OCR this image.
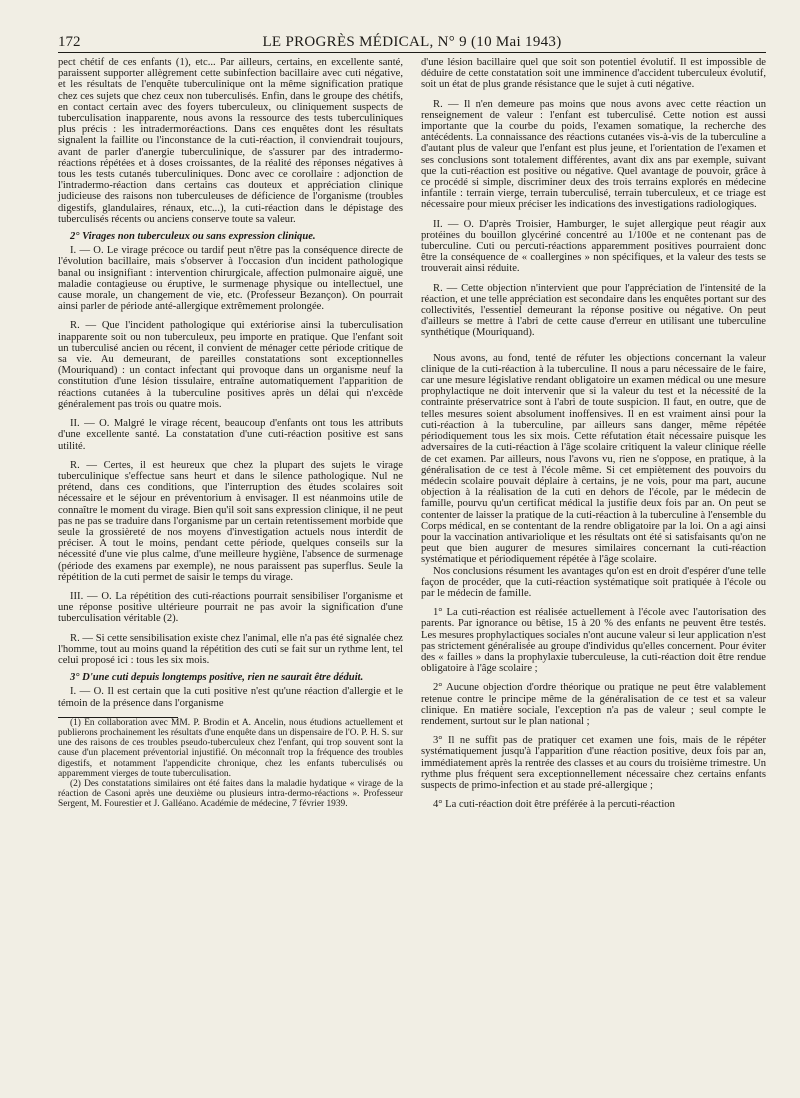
172	LE PROGRÈS MÉDICAL, N° 9 (10 Mai 1943)

pect chétif de ces enfants (1), etc... Par ailleurs, certains, en excellente santé, paraissent supporter allègrement cette subinfection bacillaire avec cuti négative, et les résultats de l'enquête tuberculinique ont la même signification pratique chez ces sujets que chez ceux non tuberculisés. Enfin, dans le groupe des chétifs, en contact certain avec des foyers tuberculeux, ou cliniquement suspects de tuberculisation inapparente, nous avons la ressource des tests tuberculiniques plus précis : les intradermoréactions. Dans ces enquêtes dont les résultats signalent la faillite ou l'inconstance de la cuti-réaction, il conviendrait toujours, avant de parler d'anergie tuberculinique, de s'assurer par des intradermo-réactions répétées et à doses croissantes, de la réalité des réponses négatives à tous les tests cutanés tuberculiniques. Donc avec ce corollaire : adjonction de l'intradermo-réaction dans certains cas douteux et appréciation clinique judicieuse des raisons non tuberculeuses de déficience de l'organisme (troubles digestifs, glandulaires, rénaux, etc...), la cuti-réaction dans le dépistage des tuberculisés récents ou anciens conserve toute sa valeur.

2° Virages non tuberculeux ou sans expression clinique.

I. — O. Le virage précoce ou tardif peut n'être pas la conséquence directe de l'évolution bacillaire, mais s'observer à l'occasion d'un incident pathologique banal ou insignifiant : intervention chirurgicale, affection pulmonaire aiguë, une maladie contagieuse ou éruptive, le surmenage physique ou intellectuel, une cause morale, un changement de vie, etc. (Professeur Bezançon). On pourrait ainsi parler de période anté-allergique extrêmement prolongée.

R. — Que l'incident pathologique qui extériorise ainsi la tuberculisation inapparente soit ou non tuberculeux, peu importe en pratique. Que l'enfant soit un tuberculisé ancien ou récent, il convient de ménager cette période critique de sa vie. Au demeurant, de pareilles constatations sont exceptionnelles (Mouriquand) : un contact infectant qui provoque dans un organisme neuf la constitution d'une lésion tissulaire, entraîne automatiquement l'apparition de réactions cutanées à la tuberculine positives après un délai qui n'excède généralement pas trois ou quatre mois.

II. — O. Malgré le virage récent, beaucoup d'enfants ont tous les attributs d'une excellente santé. La constatation d'une cuti-réaction positive est sans utilité.

R. — Certes, il est heureux que chez la plupart des sujets le virage tuberculinique s'effectue sans heurt et dans le silence pathologique. Nul ne prétend, dans ces conditions, que l'interruption des études scolaires soit nécessaire et le séjour en préventorium à envisager. Il est néanmoins utile de connaître le moment du virage. Bien qu'il soit sans expression clinique, il ne peut pas ne pas se traduire dans l'organisme par un certain retentissement morbide que seule la grossièreté de nos moyens d'investigation actuels nous interdit de préciser. A tout le moins, pendant cette période, quelques conseils sur la nécessité d'une vie plus calme, d'une meilleure hygiène, l'absence de surmenage (période des examens par exemple), ne nous paraissent pas superflus. Seule la répétition de la cuti permet de saisir le temps du virage.

III. — O. La répétition des cuti-réactions pourrait sensibiliser l'organisme et une réponse positive ultérieure pourrait ne pas avoir la signification d'une tuberculisation véritable (2).

R. — Si cette sensibilisation existe chez l'animal, elle n'a pas été signalée chez l'homme, tout au moins quand la répétition des cuti se fait sur un rythme lent, tel celui proposé ici : tous les six mois.

3° D'une cuti depuis longtemps positive, rien ne saurait être déduit.

I. — O. Il est certain que la cuti positive n'est qu'une réaction d'allergie et le témoin de la présence dans l'organisme

(1) En collaboration avec MM. P. Brodin et A. Ancelin, nous étudions actuellement et publierons prochainement les résultats d'une enquête dans un dispensaire de l'O. P. H. S. sur une des raisons de ces troubles pseudo-tuberculeux chez l'enfant, qui trop souvent sont la cause d'un placement préventorial injustifié. On méconnaît trop la fréquence des troubles digestifs, et notamment l'appendicite chronique, chez les enfants tuberculisés ou apparemment vierges de toute tuberculisation.

(2) Des constatations similaires ont été faites dans la maladie hydatique « virage de la réaction de Casoni après une deuxième ou plusieurs intra-dermo-réactions ». Professeur Sergent, M. Fourestier et J. Galléano. Académie de médecine, 7 février 1939.

d'une lésion bacillaire quel que soit son potentiel évolutif. Il est impossible de déduire de cette constatation soit une imminence d'accident tuberculeux évolutif, soit un état de plus grande résistance que le sujet à cuti négative.

R. — Il n'en demeure pas moins que nous avons avec cette réaction un renseignement de valeur : l'enfant est tuberculisé. Cette notion est aussi importante que la courbe du poids, l'examen somatique, la recherche des antécédents. La connaissance des réactions cutanées vis-à-vis de la tuberculine a d'autant plus de valeur que l'enfant est plus jeune, et l'orientation de l'examen et ses conclusions sont totalement différentes, avant dix ans par exemple, suivant que la cuti-réaction est positive ou négative. Quel avantage de pouvoir, grâce à ce procédé si simple, discriminer deux des trois terrains explorés en médecine infantile : terrain vierge, terrain tuberculisé, terrain tuberculeux, et ce triage est nécessaire pour mieux préciser les indications des investigations radiologiques.

II. — O. D'après Troisier, Hamburger, le sujet allergique peut réagir aux protéines du bouillon glycériné concentré au 1/100e et ne contenant pas de tuberculine. Cuti ou percuti-réactions apparemment positives pourraient donc être la conséquence de « coallergines » non spécifiques, et la valeur des tests se trouverait ainsi réduite.

R. — Cette objection n'intervient que pour l'appréciation de l'intensité de la réaction, et une telle appréciation est secondaire dans les enquêtes portant sur des collectivités, l'essentiel demeurant la réponse positive ou négative. On peut d'ailleurs se mettre à l'abri de cette cause d'erreur en utilisant une tuberculine synthétique (Mouriquand).

Nous avons, au fond, tenté de réfuter les objections concernant la valeur clinique de la cuti-réaction à la tuberculine. Il nous a paru nécessaire de le faire, car une mesure législative rendant obligatoire un examen médical ou une mesure prophylactique ne doit intervenir que si la valeur du test et la nécessité de la contrainte préservatrice sont à l'abri de toute suspicion. Il faut, en outre, que de telles mesures soient absolument inoffensives. Il en est vraiment ainsi pour la cuti-réaction à la tuberculine, par ailleurs sans danger, même répétée périodiquement tous les six mois. Cette réfutation était nécessaire puisque les adversaires de la cuti-réaction à l'âge scolaire critiquent la valeur clinique réelle de cet examen. Par ailleurs, nous l'avons vu, rien ne s'oppose, en pratique, à la généralisation de ce test à l'école même. Si cet empiètement des pouvoirs du médecin scolaire pouvait déplaire à certains, je ne vois, pour ma part, aucune objection à la réalisation de la cuti en dehors de l'école, par le médecin de famille, pourvu qu'un certificat médical la justifie deux fois par an. On peut se contenter de laisser la pratique de la cuti-réaction à la tuberculine à l'ensemble du Corps médical, en se contentant de la rendre obligatoire par la loi. On a agi ainsi pour la vaccination antivariolique et les résultats ont été si satisfaisants qu'on ne peut que bien augurer de mesures similaires concernant la cuti-réaction systématique et périodiquement répétée à l'âge scolaire.

Nos conclusions résument les avantages qu'on est en droit d'espérer d'une telle façon de procéder, que la cuti-réaction systématique soit pratiquée à l'école ou par le médecin de famille.

1° La cuti-réaction est réalisée actuellement à l'école avec l'autorisation des parents. Par ignorance ou bêtise, 15 à 20 % des enfants ne peuvent être testés. Les mesures prophylactiques sociales n'ont aucune valeur si leur application n'est pas strictement généralisée au groupe d'individus qu'elles concernent. Pour éviter des « failles » dans la prophylaxie tuberculeuse, la cuti-réaction doit être rendue obligatoire à l'âge scolaire ;

2° Aucune objection d'ordre théorique ou pratique ne peut être valablement retenue contre le principe même de la généralisation de ce test et sa valeur clinique. En matière sociale, l'exception n'a pas de valeur ; seul compte le rendement, surtout sur le plan national ;

3° Il ne suffit pas de pratiquer cet examen une fois, mais de le répéter systématiquement jusqu'à l'apparition d'une réaction positive, deux fois par an, immédiatement après la rentrée des classes et au cours du troisième trimestre. Un rythme plus fréquent sera exceptionnellement nécessaire chez certains enfants suspects de primo-infection et au stade pré-allergique ;

4° La cuti-réaction doit être préférée à la percuti-réaction
